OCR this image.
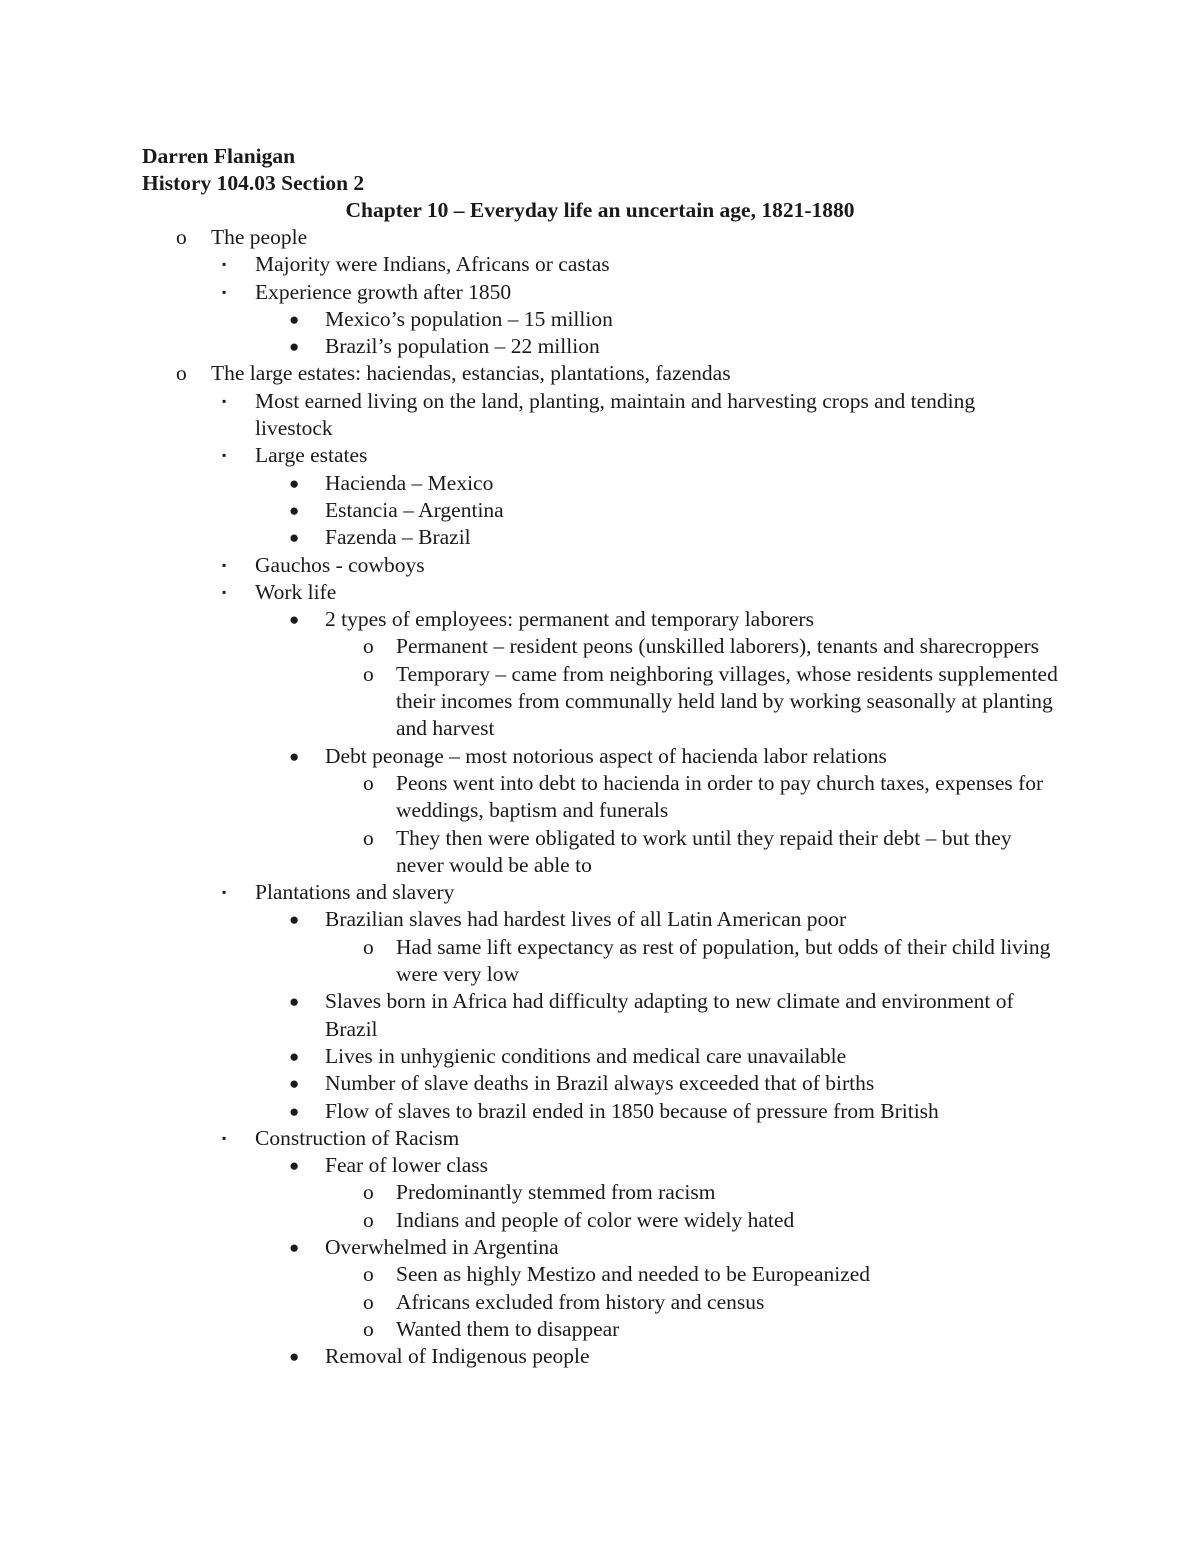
Darren Flanigan
History 104.03 Section 2
Chapter 10 – Everyday life an uncertain age, 1821-1880
o The people
▪ Majority were Indians, Africans or castas
▪ Experience growth after 1850
● Mexico’s population – 15 million
● Brazil’s population – 22 million
o The large estates: haciendas, estancias, plantations, fazendas
▪ Most earned living on the land, planting, maintain and harvesting crops and tending livestock
▪ Large estates
● Hacienda – Mexico
● Estancia – Argentina
● Fazenda – Brazil
▪ Gauchos - cowboys
▪ Work life
● 2 types of employees: permanent and temporary laborers
o Permanent – resident peons (unskilled laborers), tenants and sharecroppers
o Temporary – came from neighboring villages, whose residents supplemented their incomes from communally held land by working seasonally at planting and harvest
● Debt peonage – most notorious aspect of hacienda labor relations
o Peons went into debt to hacienda in order to pay church taxes, expenses for weddings, baptism and funerals
o They then were obligated to work until they repaid their debt – but they never would be able to
▪ Plantations and slavery
● Brazilian slaves had hardest lives of all Latin American poor
o Had same lift expectancy as rest of population, but odds of their child living were very low
● Slaves born in Africa had difficulty adapting to new climate and environment of Brazil
● Lives in unhygienic conditions and medical care unavailable
● Number of slave deaths in Brazil always exceeded that of births
● Flow of slaves to brazil ended in 1850 because of pressure from British
▪ Construction of Racism
● Fear of lower class
o Predominantly stemmed from racism
o Indians and people of color were widely hated
● Overwhelmed in Argentina
o Seen as highly Mestizo and needed to be Europeanized
o Africans excluded from history and census
o Wanted them to disappear
● Removal of Indigenous people
